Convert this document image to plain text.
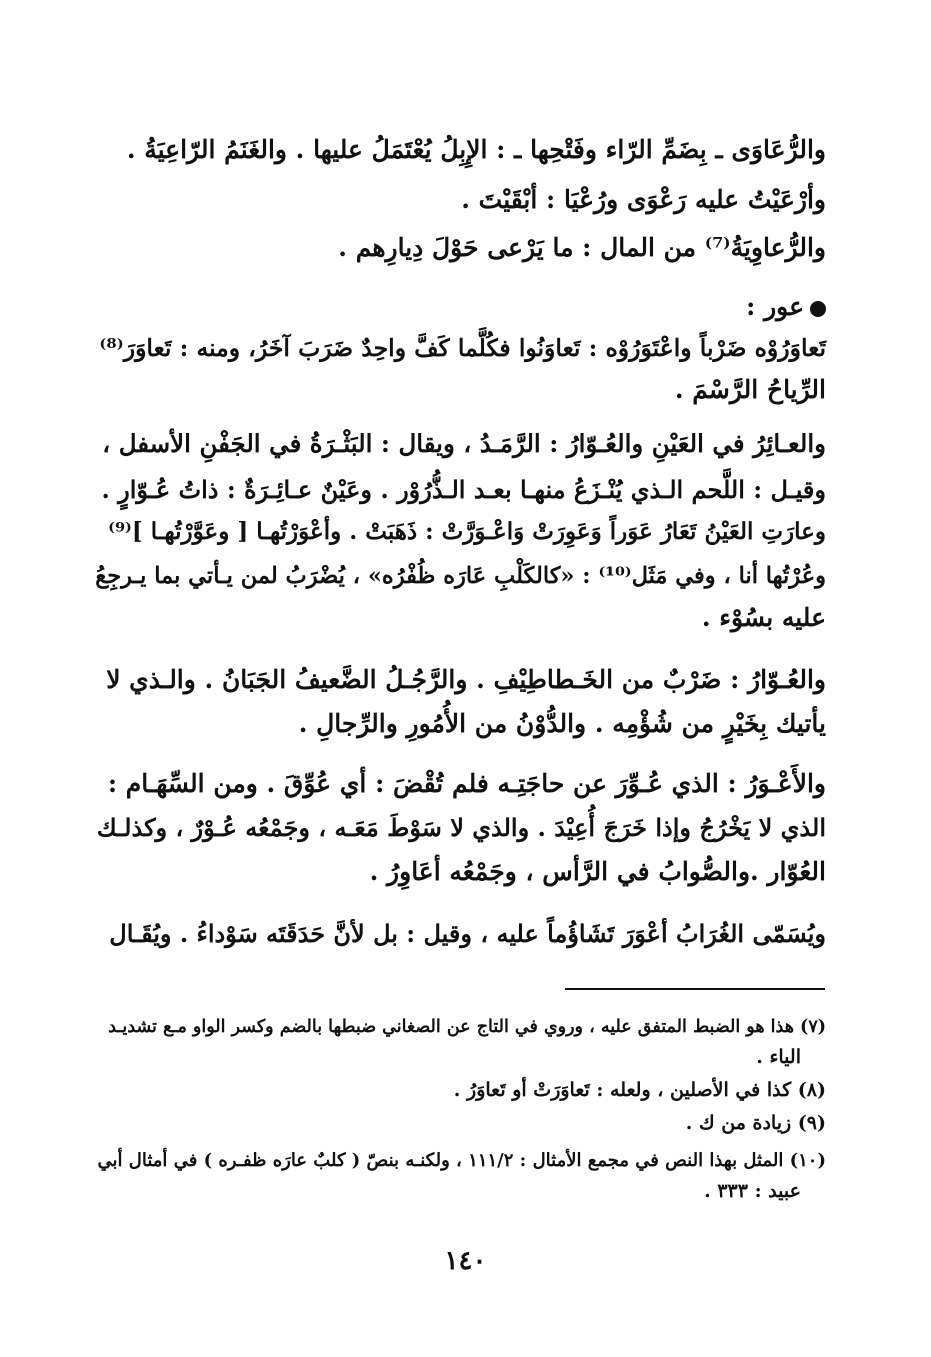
والرُّعَاوَى ـ بِضَمِّ الرّاء وفَتْحِها ـ : الإِبِلُ يُعْتَمَلُ عليها . والغَنَمُ الرّاعِيَةُ .
وأرْعَيْتُ عليه رَعْوَى ورُعْيَا : أبْقَيْتَ .
والرُّعاوِيَةُ⁽⁷⁾ من المال : ما يَرْعى حَوْلَ دِيارِهم .
عور :
تَعاوَرُوْه ضَرْباً واعْتَوَرُوْه : تَعاوَنُوا فكُلَّما كَفَّ واحِدٌ ضَرَبَ آخَرُ، ومنه : تَعاوَرَ⁽⁸⁾
الرِّياحُ الرَّسْمَ .
والعـائِرُ في العَيْنِ والعُـوّارُ : الرَّمَـدُ ، ويقال : البَثْـرَةُ في الجَفْنِ الأسفل ،
وقيـل : اللَّحم الـذي يُنْـزَعُ منهـا بعـد الـذُّرُوْر . وعَيْنٌ عـائِـرَةٌ : ذاتُ عُـوّارٍ .
وعارَتِ العَيْنُ تَعَارُ عَوَراً وَعَوِرَتْ وَاعْـوَرَّتْ : ذَهَبَتْ . وأعْوَرْتُهـا [ وعَوَّرْتُهـا ]⁽⁹⁾
وعُرْتُها أنا ، وفي مَثَل⁽¹⁰⁾ : «كالكَلْبِ عَارَه ظُفْرُه» ، يُضْرَبُ لمن يـأتي بما يـرجِعُ
عليه بسُوْء .
والعُـوّارُ : ضَرْبٌ من الخَـطاطِيْفِ . والرَّجُـلُ الضَّعيفُ الجَبَانُ . والـذي لا
يأتيك بِخَيْرٍ من شُؤْمِه . والدُّوْنُ من الأُمُورِ والرِّجالِ .
والأَعْـوَرُ : الذي عُـوِّرَ عن حاجَتِـه فلم تُقْضَ : أي عُوِّقَ . ومن السِّهَـام :
الذي لا يَخْرُجُ وإذا خَرَجَ أُعِيْدَ . والذي لا سَوْطَ مَعَـه ، وجَمْعُه عُـوْرٌ ، وكذلـك
العُوّار .والصُّوابُ في الرَّأس ، وجَمْعُه أعَاوِرُ .
ويُسَمّى الغُرَابُ أعْوَرَ تَشَاؤُماً عليه ، وقيل : بل لأنَّ حَدَقَتَه سَوْداءُ . ويُقَـال
(٧) هذا هو الضبط المتفق عليه ، وروي في التاج عن الصغاني ضبطها بالضم وكسر الواو مـع تشديـد
الياء .
(٨) كذا في الأصلين ، ولعله : تَعاوَرَتْ أو تَعاوَرُ .
(٩) زيادة من ك .
(١٠) المثل بهذا النص في مجمع الأمثال : ١١١/٢ ، ولكنـه بنصّ ( كلبٌ عارَه ظفـره ) في أمثال أبي
عبيد : ٣٣٣ .
١٤٠
